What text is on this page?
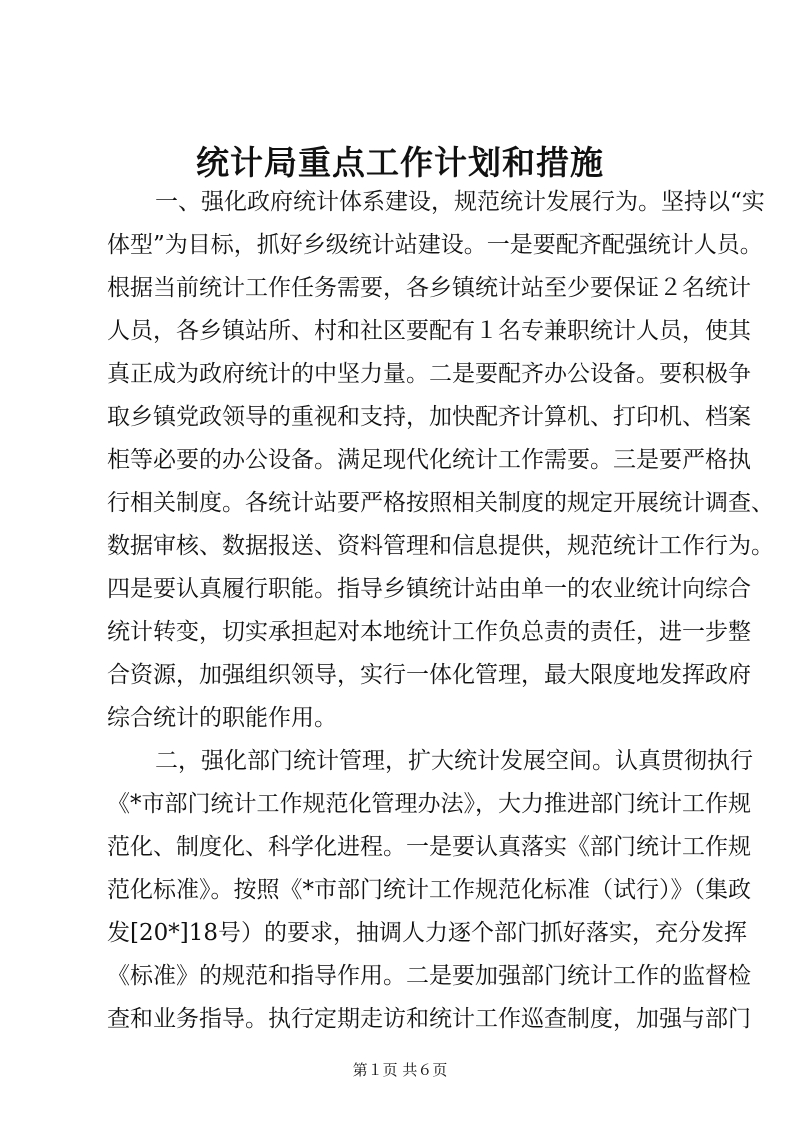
统计局重点工作计划和措施
一、强化政府统计体系建设，规范统计发展行为。坚持以“实
体型”为目标，抓好乡级统计站建设。一是要配齐配强统计人员。
根据当前统计工作任务需要，各乡镇统计站至少要保证２名统计
人员，各乡镇站所、村和社区要配有１名专兼职统计人员，使其
真正成为政府统计的中坚力量。二是要配齐办公设备。要积极争
取乡镇党政领导的重视和支持，加快配齐计算机、打印机、档案
柜等必要的办公设备。满足现代化统计工作需要。三是要严格执
行相关制度。各统计站要严格按照相关制度的规定开展统计调查、
数据审核、数据报送、资料管理和信息提供，规范统计工作行为。
四是要认真履行职能。指导乡镇统计站由单一的农业统计向综合
统计转变，切实承担起对本地统计工作负总责的责任，进一步整
合资源，加强组织领导，实行一体化管理，最大限度地发挥政府
综合统计的职能作用。
二，强化部门统计管理，扩大统计发展空间。认真贯彻执行
《*市部门统计工作规范化管理办法》，大力推进部门统计工作规
范化、制度化、科学化进程。一是要认真落实《部门统计工作规
范化标准》。按照《*市部门统计工作规范化标准（试行）》（集政
发[20*]18号）的要求，抽调人力逐个部门抓好落实，充分发挥
《标准》的规范和指导作用。二是要加强部门统计工作的监督检
查和业务指导。执行定期走访和统计工作巡查制度，加强与部门
第１页 共６页
